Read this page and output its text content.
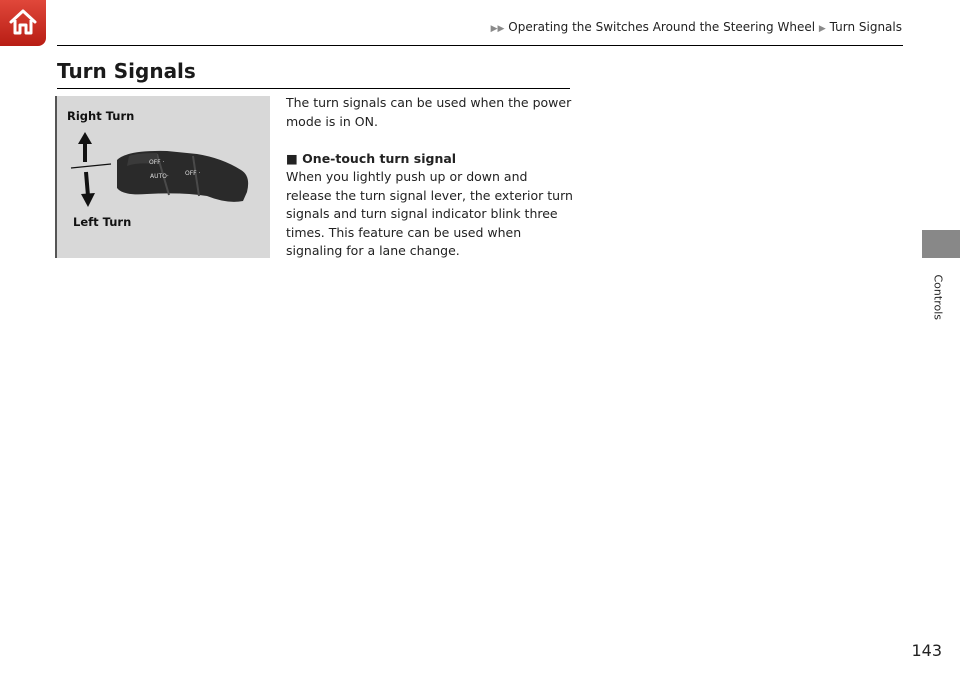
▶▶ Operating the Switches Around the Steering Wheel ▶ Turn Signals
Turn Signals
Right Turn
Left Turn
OFF ·
AUTO·	OFF ·

The turn signals can be used when the power mode is in ON.

■ One-touch turn signal

When you lightly push up or down and release the turn signal lever, the exterior turn signals and turn signal indicator blink three times. This feature can be used when signaling for a lane change.

Controls
143
